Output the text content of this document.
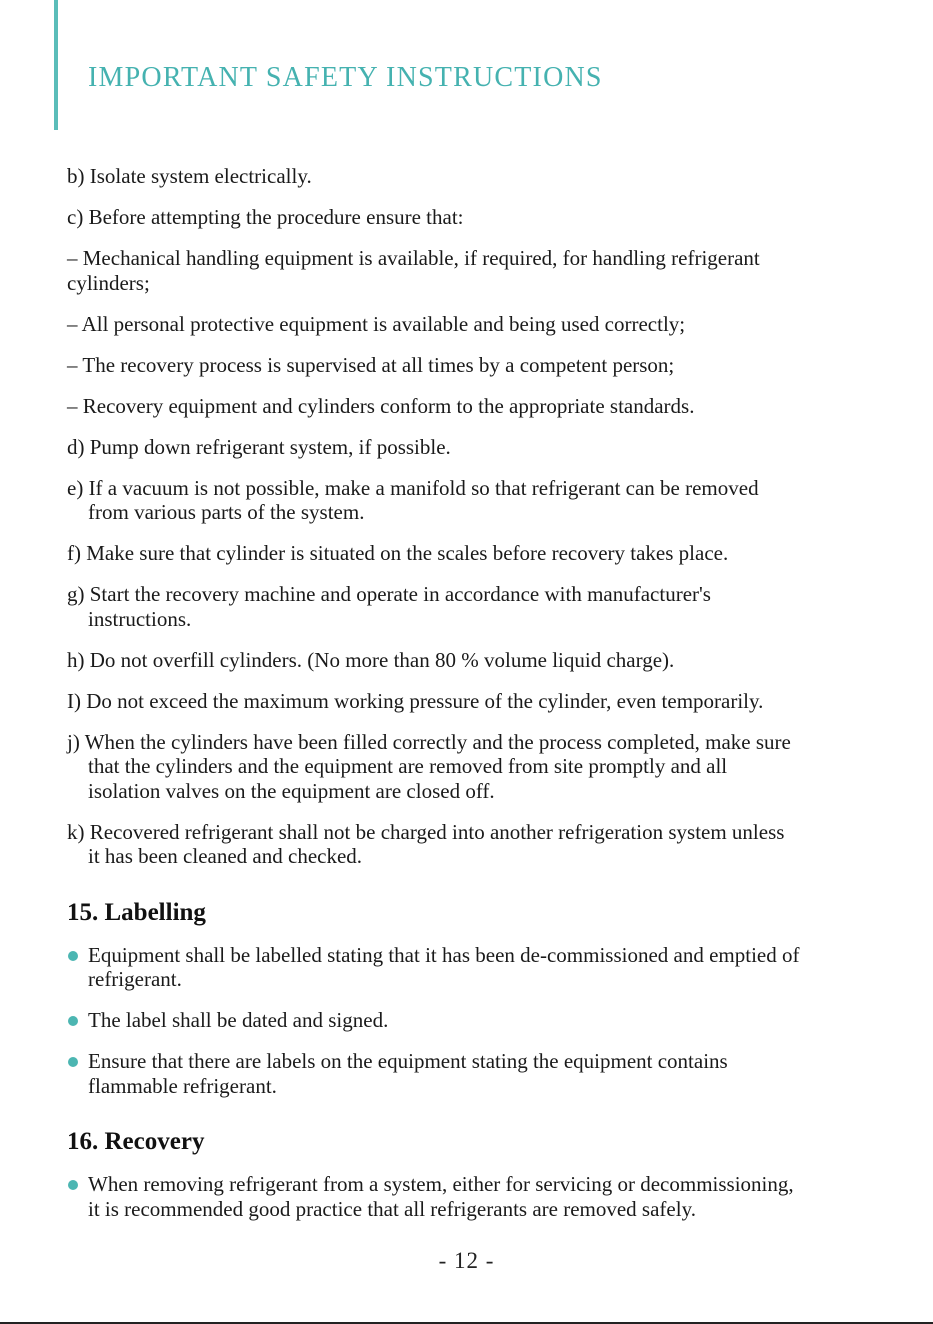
IMPORTANT SAFETY INSTRUCTIONS

b) Isolate system electrically.

c) Before attempting the procedure ensure that:

– Mechanical handling equipment is available, if required, for handling refrigerant
cylinders;

– All personal protective equipment is available and being used correctly;

– The recovery process is supervised at all times by a competent person;

– Recovery equipment and cylinders conform to the appropriate standards.

d) Pump down refrigerant system, if possible.

e) If a vacuum is not possible, make a manifold so that refrigerant can be removed
from various parts of the system.

f) Make sure that cylinder is situated on the scales before recovery takes place.

g) Start the recovery machine and operate in accordance with manufacturer's
instructions.

h) Do not overfill cylinders. (No more than 80 % volume liquid charge).

I) Do not exceed the maximum working pressure of the cylinder, even temporarily.

j) When the cylinders have been filled correctly and the process completed, make sure
that the cylinders and the equipment are removed from site promptly and all
isolation valves on the equipment are closed off.

k) Recovered refrigerant shall not be charged into another refrigeration system unless
it has been cleaned and checked.

15. Labelling
Equipment shall be labelled stating that it has been de-commissioned and emptied of
refrigerant.
The label shall be dated and signed.
Ensure that there are labels on the equipment stating the equipment contains
flammable refrigerant.
16. Recovery
When removing refrigerant from a system, either for servicing or decommissioning,
it is recommended good practice that all refrigerants are removed safely.
- 12 -
